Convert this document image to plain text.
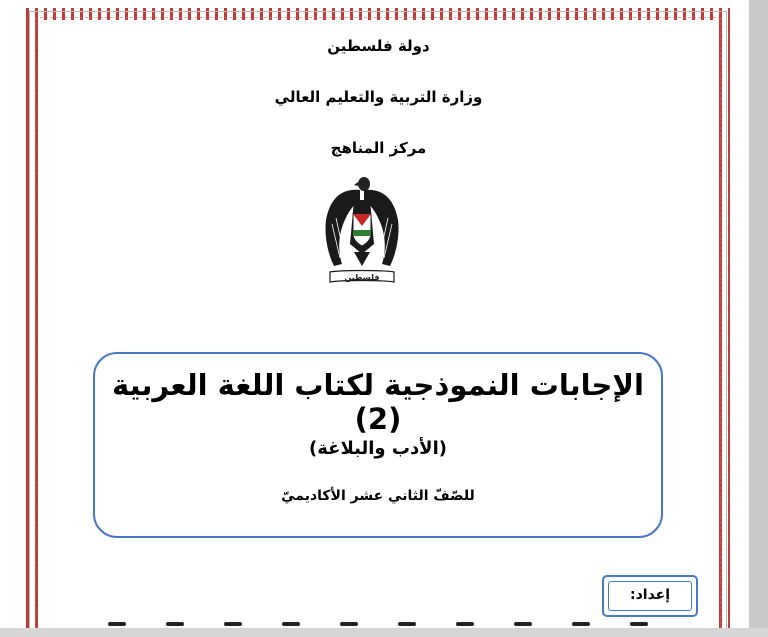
دولة فلسطين
وزارة التربية والتعليم العالي
مركز المناهج
فلسطين
الإجابات النموذجية لكتاب اللغة العربية (2)
(الأدب والبلاغة)
للصّفّ الثاني عشر الأكاديميّ
إعداد:
